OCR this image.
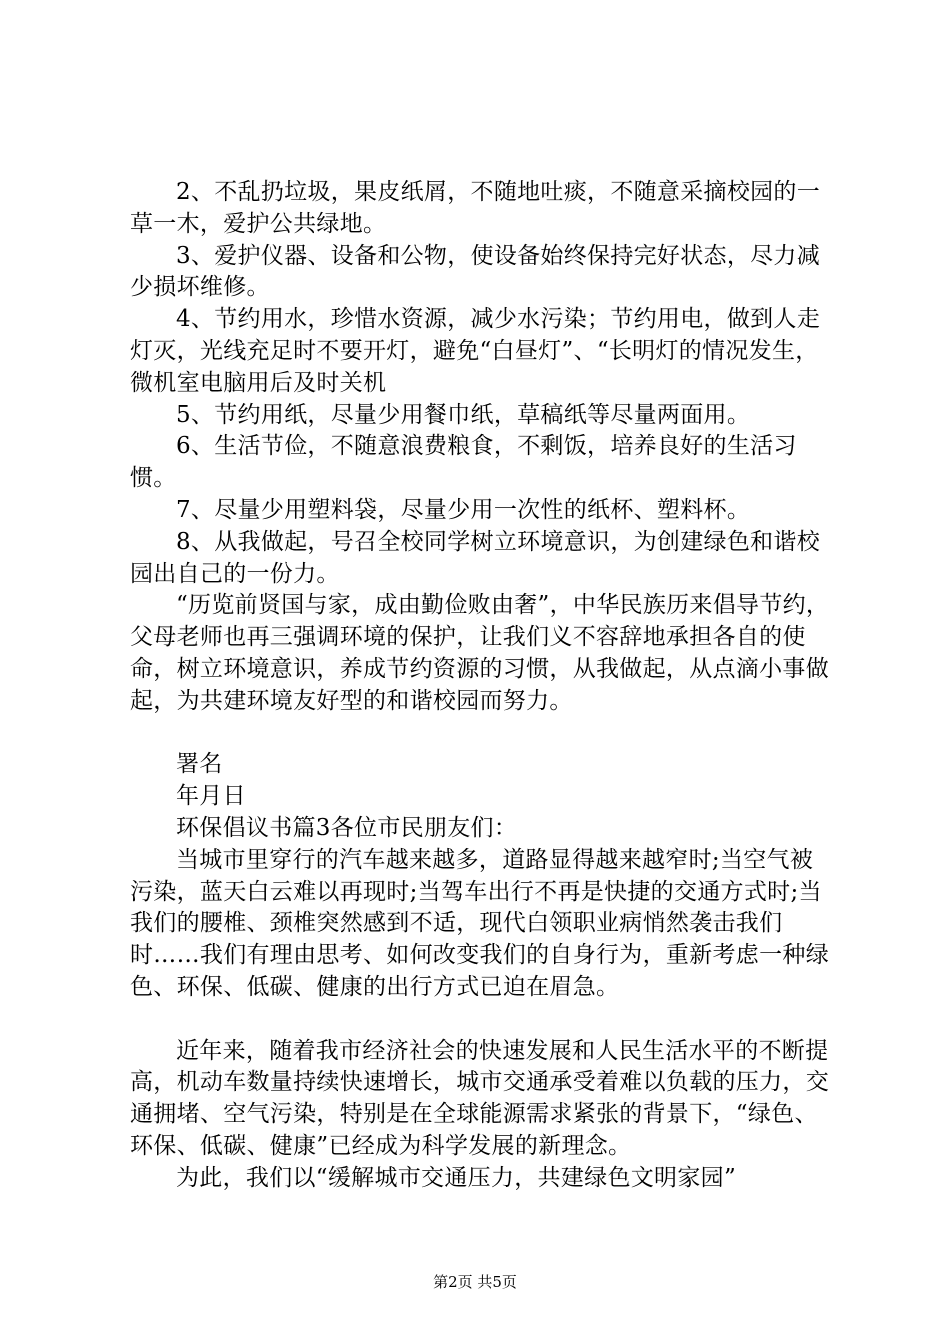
2、不乱扔垃圾，果皮纸屑，不随地吐痰，不随意采摘校园的一草一木，爱护公共绿地。

3、爱护仪器、设备和公物，使设备始终保持完好状态，尽力减少损坏维修。

4、节约用水，珍惜水资源，减少水污染；节约用电，做到人走灯灭，光线充足时不要开灯，避免“白昼灯”、“长明灯的情况发生，微机室电脑用后及时关机

5、节约用纸，尽量少用餐巾纸，草稿纸等尽量两面用。

6、生活节俭，不随意浪费粮食，不剩饭，培养良好的生活习惯。

7、尽量少用塑料袋，尽量少用一次性的纸杯、塑料杯。

8、从我做起，号召全校同学树立环境意识，为创建绿色和谐校园出自己的一份力。

“历览前贤国与家，成由勤俭败由奢”，中华民族历来倡导节约，父母老师也再三强调环境的保护，让我们义不容辞地承担各自的使命，树立环境意识，养成节约资源的习惯，从我做起，从点滴小事做起，为共建环境友好型的和谐校园而努力。

署名

年月日

环保倡议书篇3各位市民朋友们：

当城市里穿行的汽车越来越多，道路显得越来越窄时;当空气被污染，蓝天白云难以再现时;当驾车出行不再是快捷的交通方式时;当我们的腰椎、颈椎突然感到不适，现代白领职业病悄然袭击我们时……我们有理由思考、如何改变我们的自身行为，重新考虑一种绿色、环保、低碳、健康的出行方式已迫在眉急。

近年来，随着我市经济社会的快速发展和人民生活水平的不断提高，机动车数量持续快速增长，城市交通承受着难以负载的压力，交通拥堵、空气污染，特别是在全球能源需求紧张的背景下，“绿色、环保、低碳、健康”已经成为科学发展的新理念。

为此，我们以“缓解城市交通压力，共建绿色文明家园”

第2页 共5页
